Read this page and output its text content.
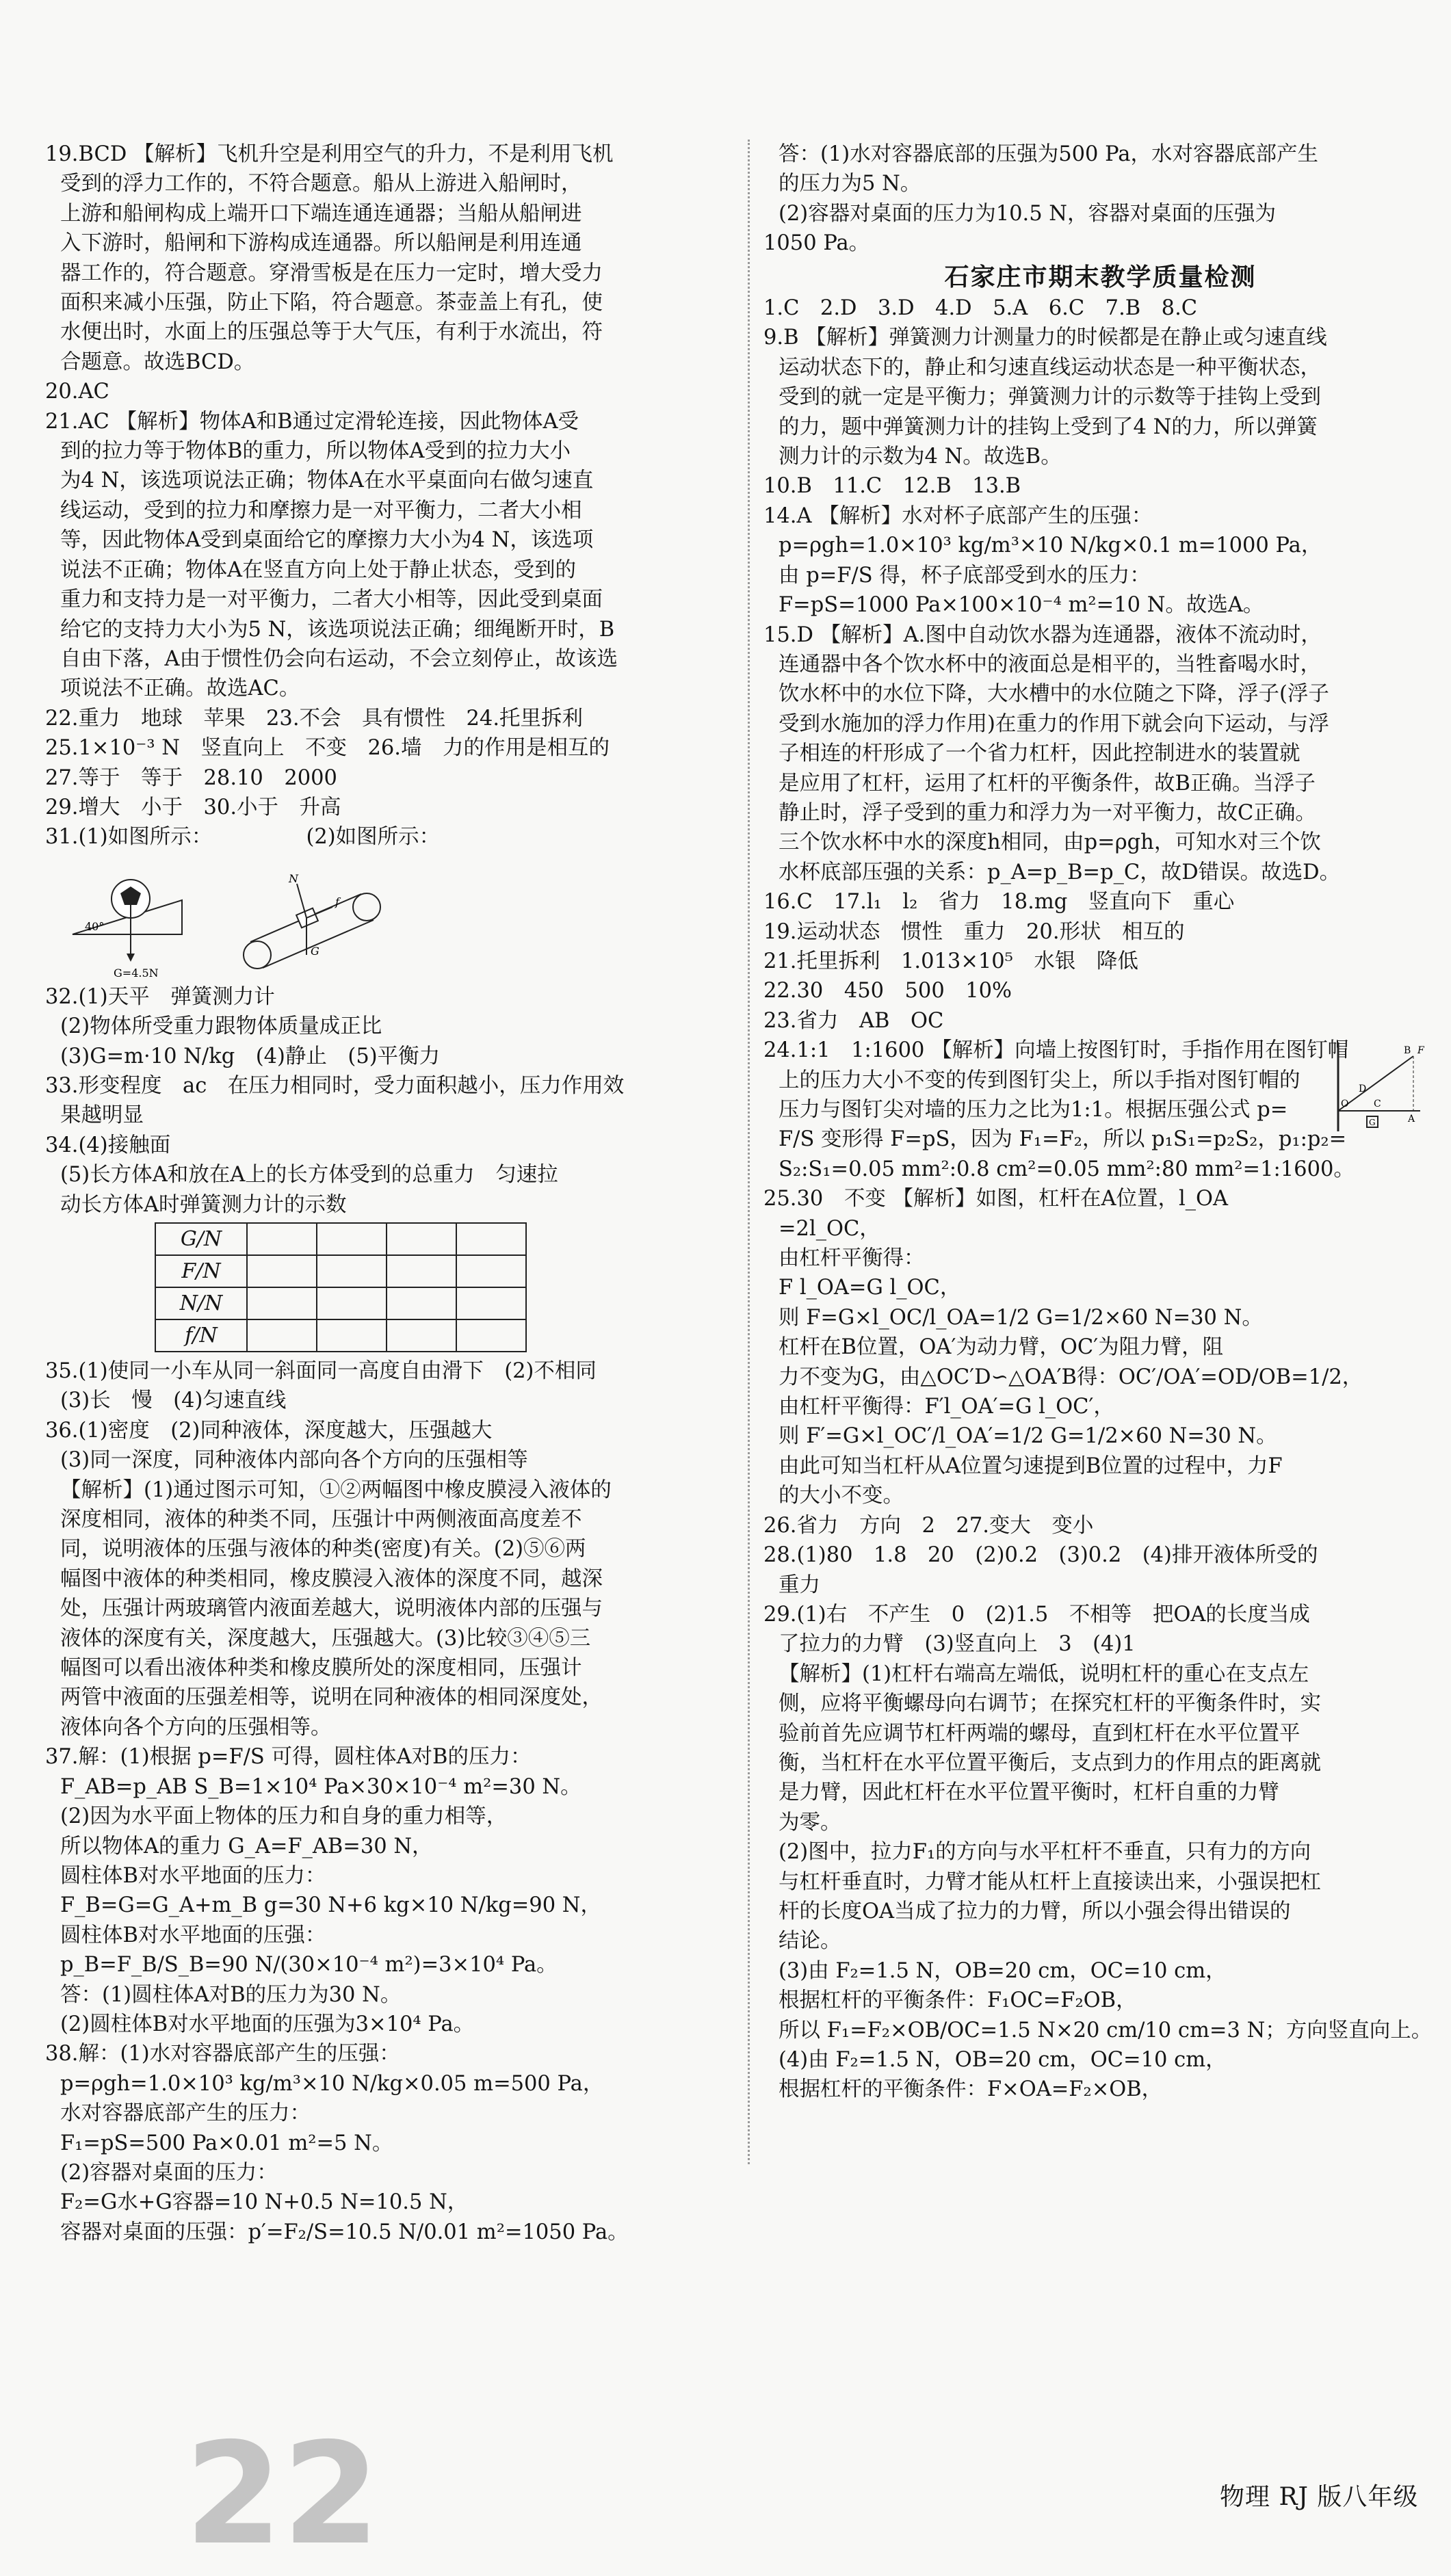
19.BCD 【解析】飞机升空是利用空气的升力，不是利用飞机
受到的浮力工作的，不符合题意。船从上游进入船闸时，
上游和船闸构成上端开口下端连通连通器；当船从船闸进
入下游时，船闸和下游构成连通器。所以船闸是利用连通
器工作的，符合题意。穿滑雪板是在压力一定时，增大受力
面积来减小压强，防止下陷，符合题意。茶壶盖上有孔，使
水便出时，水面上的压强总等于大气压，有利于水流出，符
合题意。故选BCD。
20.AC
21.AC 【解析】物体A和B通过定滑轮连接，因此物体A受
到的拉力等于物体B的重力，所以物体A受到的拉力大小
为4 N，该选项说法正确；物体A在水平桌面向右做匀速直
线运动，受到的拉力和摩擦力是一对平衡力，二者大小相
等，因此物体A受到桌面给它的摩擦力大小为4 N，该选项
说法不正确；物体A在竖直方向上处于静止状态，受到的
重力和支持力是一对平衡力，二者大小相等，因此受到桌面
给它的支持力大小为5 N，该选项说法正确；细绳断开时，B
自由下落，A由于惯性仍会向右运动，不会立刻停止，故该选
项说法不正确。故选AC。
22.重力　地球　苹果　23.不会　具有惯性　24.托里拆利
25.1×10⁻³ N　竖直向上　不变　26.墙　力的作用是相互的
27.等于　等于　28.10　2000
29.增大　小于　30.小于　升高
31.(1)如图所示：　　　　　(2)如图所示：
40°
G=4.5N
N
f
G
32.(1)天平　弹簧测力计
(2)物体所受重力跟物体质量成正比
(3)G=m·10 N/kg　(4)静止　(5)平衡力
33.形变程度　ac　在压力相同时，受力面积越小，压力作用效
果越明显
34.(4)接触面
(5)长方体A和放在A上的长方体受到的总重力　匀速拉
动长方体A时弹簧测力计的示数
G/N				
F/N				
N/N				
f/N				
35.(1)使同一小车从同一斜面同一高度自由滑下　(2)不相同
(3)长　慢　(4)匀速直线
36.(1)密度　(2)同种液体，深度越大，压强越大
(3)同一深度，同种液体内部向各个方向的压强相等
【解析】(1)通过图示可知，①②两幅图中橡皮膜浸入液体的
深度相同，液体的种类不同，压强计中两侧液面高度差不
同，说明液体的压强与液体的种类(密度)有关。(2)⑤⑥两
幅图中液体的种类相同，橡皮膜浸入液体的深度不同，越深
处，压强计两玻璃管内液面差越大，说明液体内部的压强与
液体的深度有关，深度越大，压强越大。(3)比较③④⑤三
幅图可以看出液体种类和橡皮膜所处的深度相同，压强计
两管中液面的压强差相等，说明在同种液体的相同深度处，
液体向各个方向的压强相等。
37.解：(1)根据 p=F/S 可得，圆柱体A对B的压力：
F_AB=p_AB S_B=1×10⁴ Pa×30×10⁻⁴ m²=30 N。
(2)因为水平面上物体的压力和自身的重力相等，
所以物体A的重力 G_A=F_AB=30 N，
圆柱体B对水平地面的压力：
F_B=G=G_A+m_B g=30 N+6 kg×10 N/kg=90 N，
圆柱体B对水平地面的压强：
p_B=F_B/S_B=90 N/(30×10⁻⁴ m²)=3×10⁴ Pa。
答：(1)圆柱体A对B的压力为30 N。
(2)圆柱体B对水平地面的压强为3×10⁴ Pa。
38.解：(1)水对容器底部产生的压强：
p=ρgh=1.0×10³ kg/m³×10 N/kg×0.05 m=500 Pa，
水对容器底部产生的压力：
F₁=pS=500 Pa×0.01 m²=5 N。
(2)容器对桌面的压力：
F₂=G水+G容器=10 N+0.5 N=10.5 N，
容器对桌面的压强：p′=F₂/S=10.5 N/0.01 m²=1050 Pa。
答：(1)水对容器底部的压强为500 Pa，水对容器底部产生
的压力为5 N。
(2)容器对桌面的压力为10.5 N，容器对桌面的压强为
1050 Pa。
石家庄市期末教学质量检测
1.C　2.D　3.D　4.D　5.A　6.C　7.B　8.C
9.B 【解析】弹簧测力计测量力的时候都是在静止或匀速直线
运动状态下的，静止和匀速直线运动状态是一种平衡状态，
受到的就一定是平衡力；弹簧测力计的示数等于挂钩上受到
的力，题中弹簧测力计的挂钩上受到了4 N的力，所以弹簧
测力计的示数为4 N。故选B。
10.B　11.C　12.B　13.B
14.A 【解析】水对杯子底部产生的压强：
p=ρgh=1.0×10³ kg/m³×10 N/kg×0.1 m=1000 Pa，
由 p=F/S 得，杯子底部受到水的压力：
F=pS=1000 Pa×100×10⁻⁴ m²=10 N。故选A。
15.D 【解析】A.图中自动饮水器为连通器，液体不流动时，
连通器中各个饮水杯中的液面总是相平的，当牲畜喝水时，
饮水杯中的水位下降，大水槽中的水位随之下降，浮子(浮子
受到水施加的浮力作用)在重力的作用下就会向下运动，与浮
子相连的杆形成了一个省力杠杆，因此控制进水的装置就
是应用了杠杆，运用了杠杆的平衡条件，故B正确。当浮子
静止时，浮子受到的重力和浮力为一对平衡力，故C正确。
三个饮水杯中水的深度h相同，由p=ρgh，可知水对三个饮
水杯底部压强的关系：p_A=p_B=p_C，故D错误。故选D。
16.C　17.l₁　l₂　省力　18.mg　竖直向下　重心
19.运动状态　惯性　重力　20.形状　相互的
21.托里拆利　1.013×10⁵　水银　降低
22.30　450　500　10%
23.省力　AB　OC
24.1:1　1:1600 【解析】向墙上按图钉时，手指作用在图钉帽
上的压力大小不变的传到图钉尖上，所以手指对图钉帽的
压力与图钉尖对墙的压力之比为1:1。根据压强公式 p=
F/S 变形得 F=pS，因为 F₁=F₂，所以 p₁S₁=p₂S₂，p₁:p₂=
S₂:S₁=0.05 mm²:0.8 cm²=0.05 mm²:80 mm²=1:1600。
25.30　不变 【解析】如图，杠杆在A位置，l_OA
=2l_OC，
由杠杆平衡得：
F l_OA=G l_OC，
则 F=G×l_OC/l_OA=1/2 G=1/2×60 N=30 N。
杠杆在B位置，OA′为动力臂，OC′为阻力臂，阻
力不变为G，由△OC′D∽△OA′B得：OC′/OA′=OD/OB=1/2，
由杠杆平衡得：F′l_OA′=G l_OC′，
则 F′=G×l_OC′/l_OA′=1/2 G=1/2×60 N=30 N。
由此可知当杠杆从A位置匀速提到B位置的过程中，力F
的大小不变。
26.省力　方向　2　27.变大　变小
28.(1)80　1.8　20　(2)0.2　(3)0.2　(4)排开液体所受的
重力
29.(1)右　不产生　0　(2)1.5　不相等　把OA的长度当成
了拉力的力臂　(3)竖直向上　3　(4)1
【解析】(1)杠杆右端高左端低，说明杠杆的重心在支点左
侧，应将平衡螺母向右调节；在探究杠杆的平衡条件时，实
验前首先应调节杠杆两端的螺母，直到杠杆在水平位置平
衡，当杠杆在水平位置平衡后，支点到力的作用点的距离就
是力臂，因此杠杆在水平位置平衡时，杠杆自重的力臂
为零。
(2)图中，拉力F₁的方向与水平杠杆不垂直，只有力的方向
与杠杆垂直时，力臂才能从杠杆上直接读出来，小强误把杠
杆的长度OA当成了拉力的力臂，所以小强会得出错误的
结论。
(3)由 F₂=1.5 N，OB=20 cm，OC=10 cm，
根据杠杆的平衡条件：F₁OC=F₂OB，
所以 F₁=F₂×OB/OC=1.5 N×20 cm/10 cm=3 N；方向竖直向上。
(4)由 F₂=1.5 N，OB=20 cm，OC=10 cm，
根据杠杆的平衡条件：F×OA=F₂×OB，
F
B
D
O	C
A
G
22	物理 RJ 版八年级
